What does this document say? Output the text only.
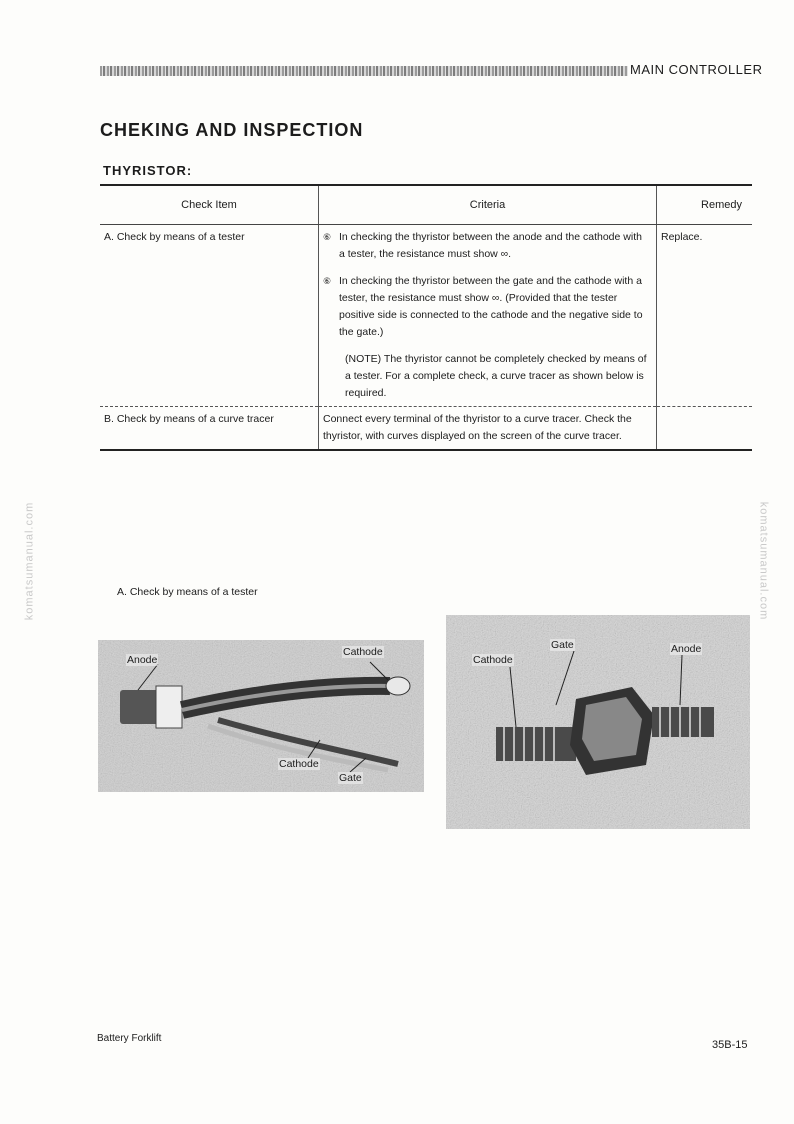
MAIN CONTROLLER
CHEKING AND INSPECTION
THYRISTOR:
Check Item	Criteria	Remedy
A. Check by means of a tester	⑥ In checking the thyristor between the anode and the cathode with a tester, the resistance must show ∞.
⑥ In checking the thyristor between the gate and the cathode with a tester, the resistance must show ∞. (Provided that the tester positive side is connected to the cathode and the negative side to the gate.)
(NOTE) The thyristor cannot be completely checked by means of a tester. For a complete check, a curve tracer as shown below is required.	Replace.
B. Check by means of a curve tracer	Connect every terminal of the thyristor to a curve tracer. Check the thyristor, with curves displayed on the screen of the curve tracer.	
komatsumanual.com	komatsumanual.com
A. Check by means of a tester
Anode
Cathode
Cathode
Gate
Gate
Cathode
Anode
Battery Forklift
35B-15
